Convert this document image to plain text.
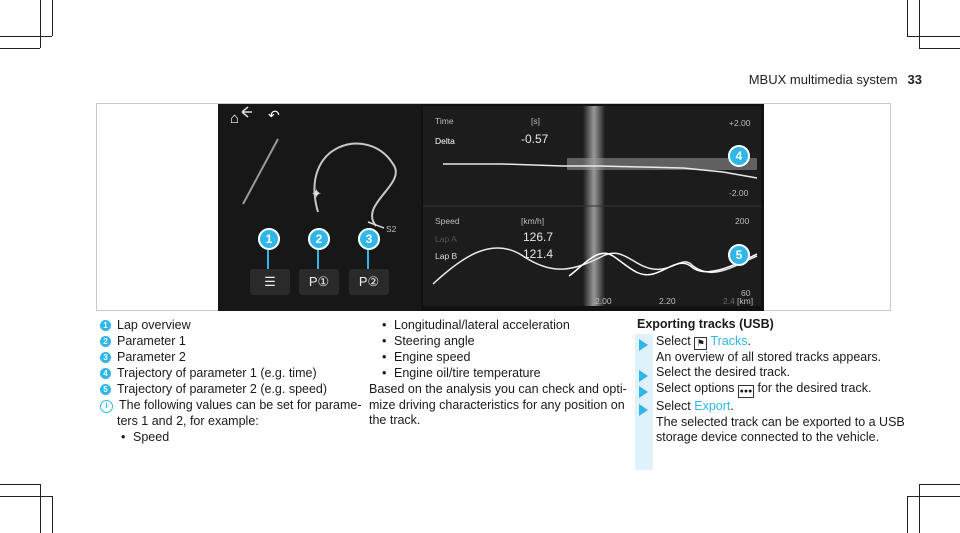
MBUX multimedia system 33
⌂ ↶
✦
S2
☰	P① P②
Time	[s]
Delta	-0.57
+2.00
-2.00
Speed	[km/h]	200
Lap A	126.7
Lap B	121.4
60
2.00	2.20	2.4 [km]
1	2	3
4
5
1 Lap overview
2 Parameter 1
3 Parameter 2
4 Trajectory of parameter 1 (e.g. time)
5 Trajectory of parameter 2 (e.g. speed)
i The following values can be set for parame-
ters 1 and 2, for example:
• Speed
• Longitudinal/lateral acceleration
• Steering angle
• Engine speed
• Engine oil/tire temperature
Based on the analysis you can check and opti-
mize driving characteristics for any position on
the track.
Exporting tracks (USB)
Select ⚑ Tracks.
An overview of all stored tracks appears.
Select the desired track.
Select options ●●● for the desired track.
Select Export.
The selected track can be exported to a USB
storage device connected to the vehicle.
